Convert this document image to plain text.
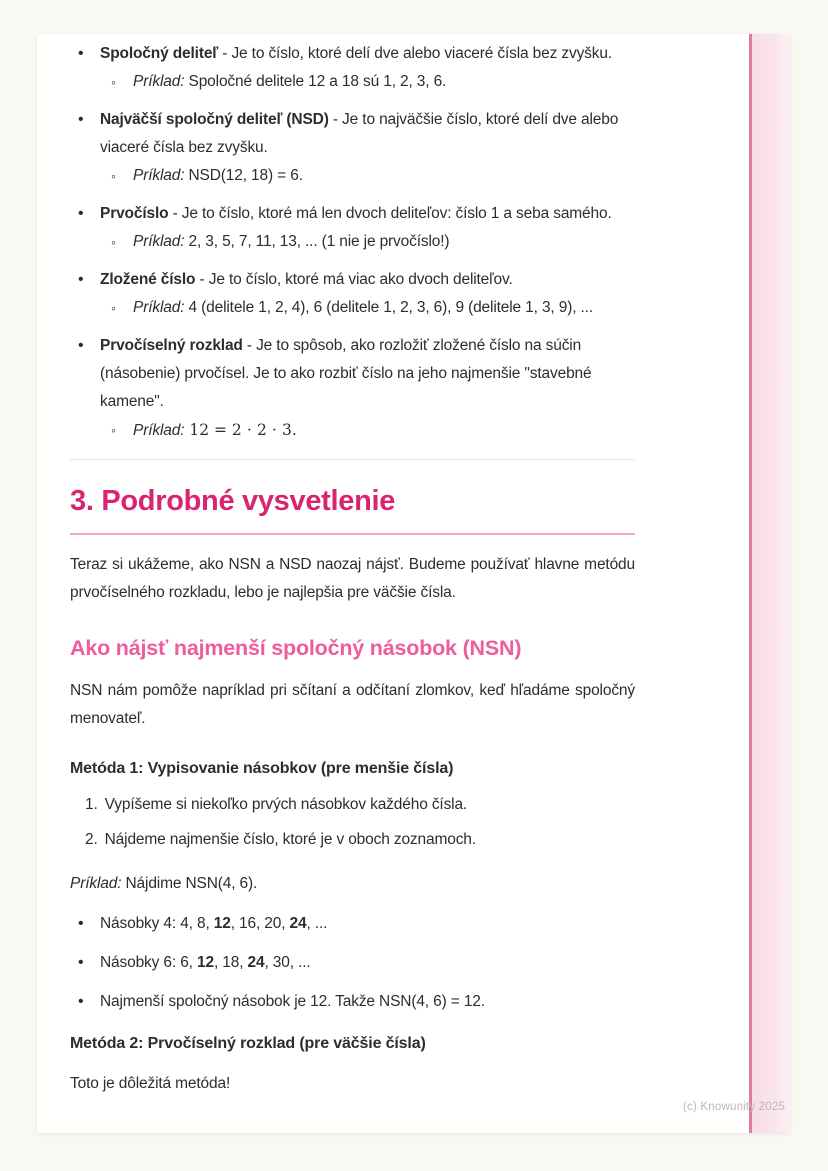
• Spoločný deliteľ - Je to číslo, ktoré delí dve alebo viaceré čísla bez zvyšku.
◦ Príklad: Spoločné delitele 12 a 18 sú 1, 2, 3, 6.
• Najväčší spoločný deliteľ (NSD) - Je to najväčšie číslo, ktoré delí dve alebo viaceré čísla bez zvyšku.
◦ Príklad: NSD(12, 18) = 6.
• Prvočíslo - Je to číslo, ktoré má len dvoch deliteľov: číslo 1 a seba samého.
◦ Príklad: 2, 3, 5, 7, 11, 13, ... (1 nie je prvočíslo!)
• Zložené číslo - Je to číslo, ktoré má viac ako dvoch deliteľov.
◦ Príklad: 4 (delitele 1, 2, 4), 6 (delitele 1, 2, 3, 6), 9 (delitele 1, 3, 9), ...
• Prvočíselný rozklad - Je to spôsob, ako rozložiť zložené číslo na súčin (násobenie) prvočísel. Je to ako rozbiť číslo na jeho najmenšie "stavebné kamene".
◦ Príklad: 12 = 2 ⋅ 2 ⋅ 3.
3. Podrobné vysvetlenie

Teraz si ukážeme, ako NSN a NSD naozaj nájsť. Budeme používať hlavne metódu prvočíselného rozkladu, lebo je najlepšia pre väčšie čísla.

Ako nájsť najmenší spoločný násobok (NSN)

NSN nám pomôže napríklad pri sčítaní a odčítaní zlomkov, keď hľadáme spoločný menovateľ.

Metóda 1: Vypisovanie násobkov (pre menšie čísla)

1. Vypíšeme si niekoľko prvých násobkov každého čísla.
2. Nájdeme najmenšie číslo, ktoré je v oboch zoznamoch.

Príklad: Nájdime NSN(4, 6).

• Násobky 4: 4, 8, 12, 16, 20, 24, ...
• Násobky 6: 6, 12, 18, 24, 30, ...
• Najmenší spoločný násobok je 12. Takže NSN(4, 6) = 12.

Metóda 2: Prvočíselný rozklad (pre väčšie čísla)

Toto je dôležitá metóda!

(c) Knowunity 2025
